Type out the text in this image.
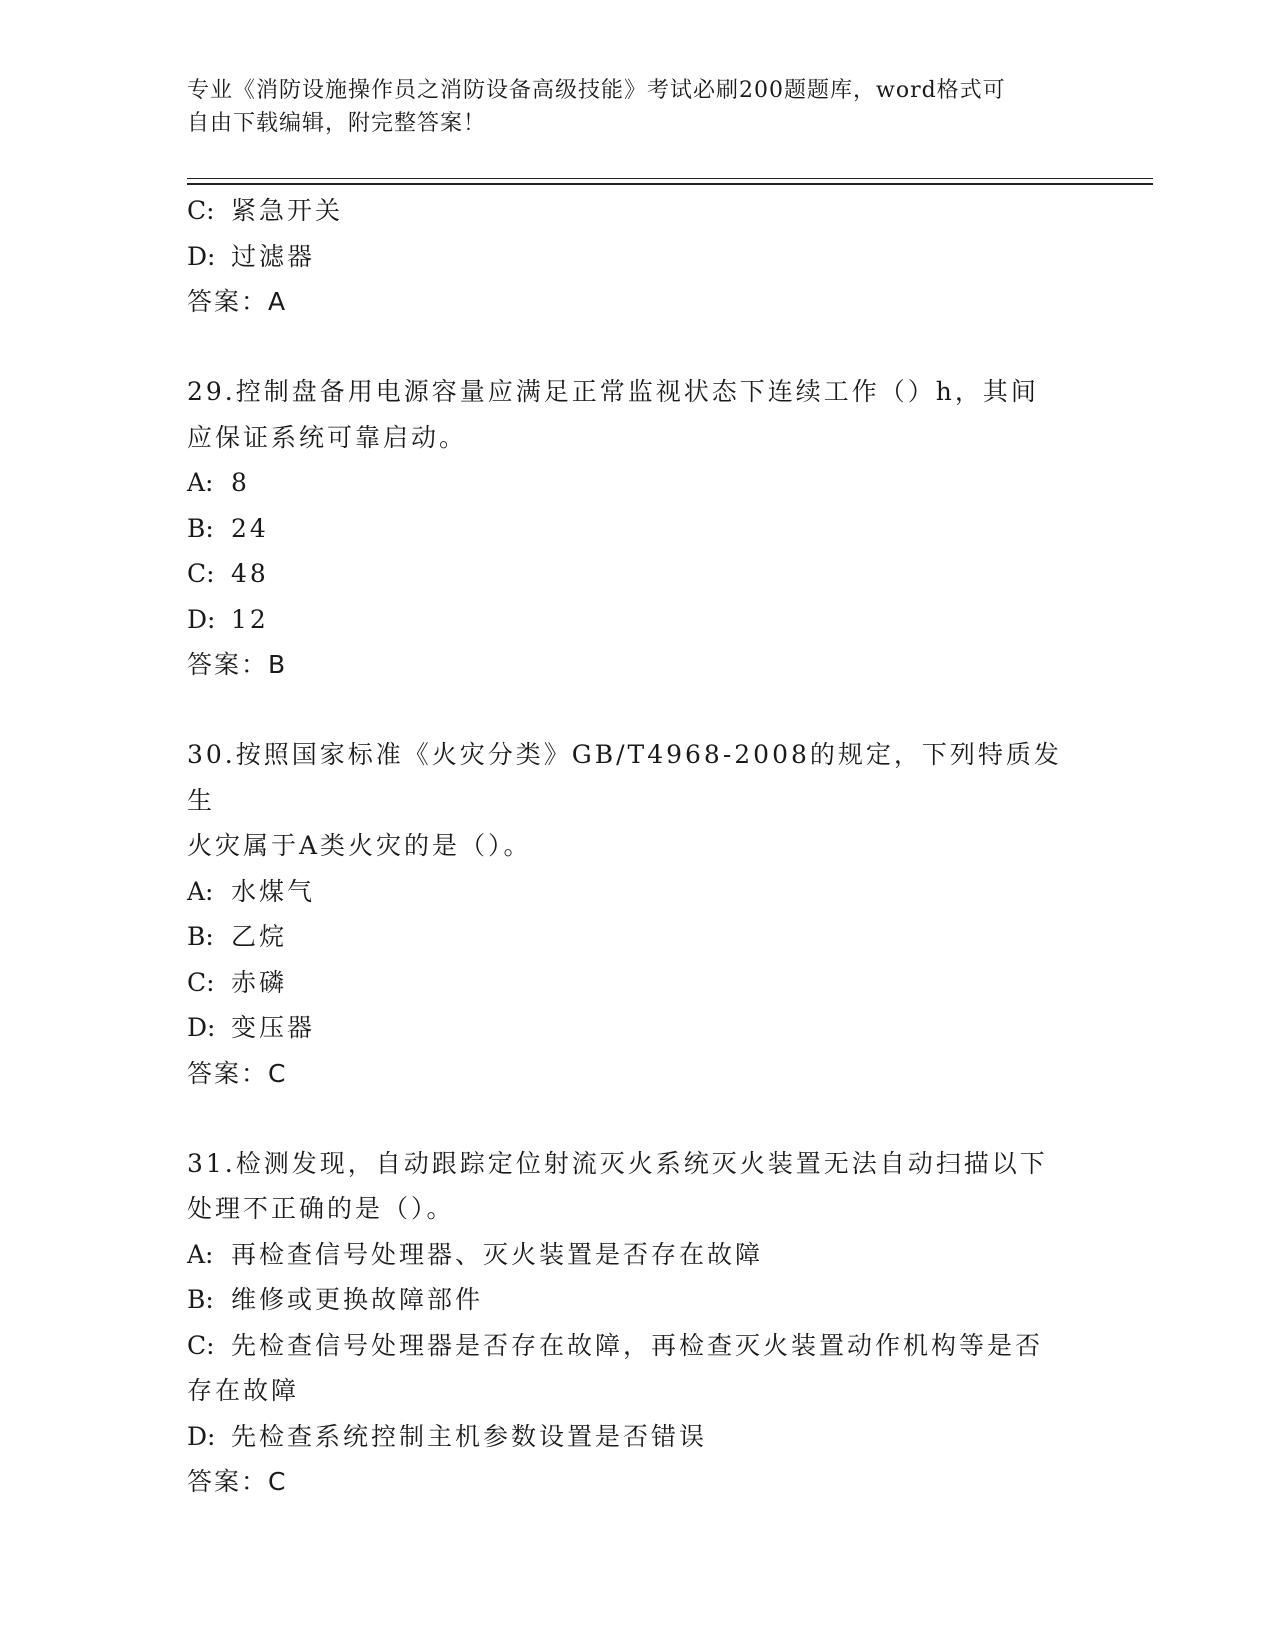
专业《消防设施操作员之消防设备高级技能》考试必刷200题题库，word格式可
自由下载编辑，附完整答案！

C: 紧急开关

D: 过滤器

答案：A

29.控制盘备用电源容量应满足正常监视状态下连续工作（）h，其间

应保证系统可靠启动。

A: 8

B: 24

C: 48

D: 12

答案：B

30.按照国家标准《火灾分类》GB/T4968-2008的规定，下列特质发生

火灾属于A类火灾的是（）。

A: 水煤气

B: 乙烷

C: 赤磷

D: 变压器

答案：C

31.检测发现，自动跟踪定位射流灭火系统灭火装置无法自动扫描以下

处理不正确的是（）。

A: 再检查信号处理器、灭火装置是否存在故障

B: 维修或更换故障部件

C: 先检查信号处理器是否存在故障，再检查灭火装置动作机构等是否

存在故障

D: 先检查系统控制主机参数设置是否错误

答案：C
